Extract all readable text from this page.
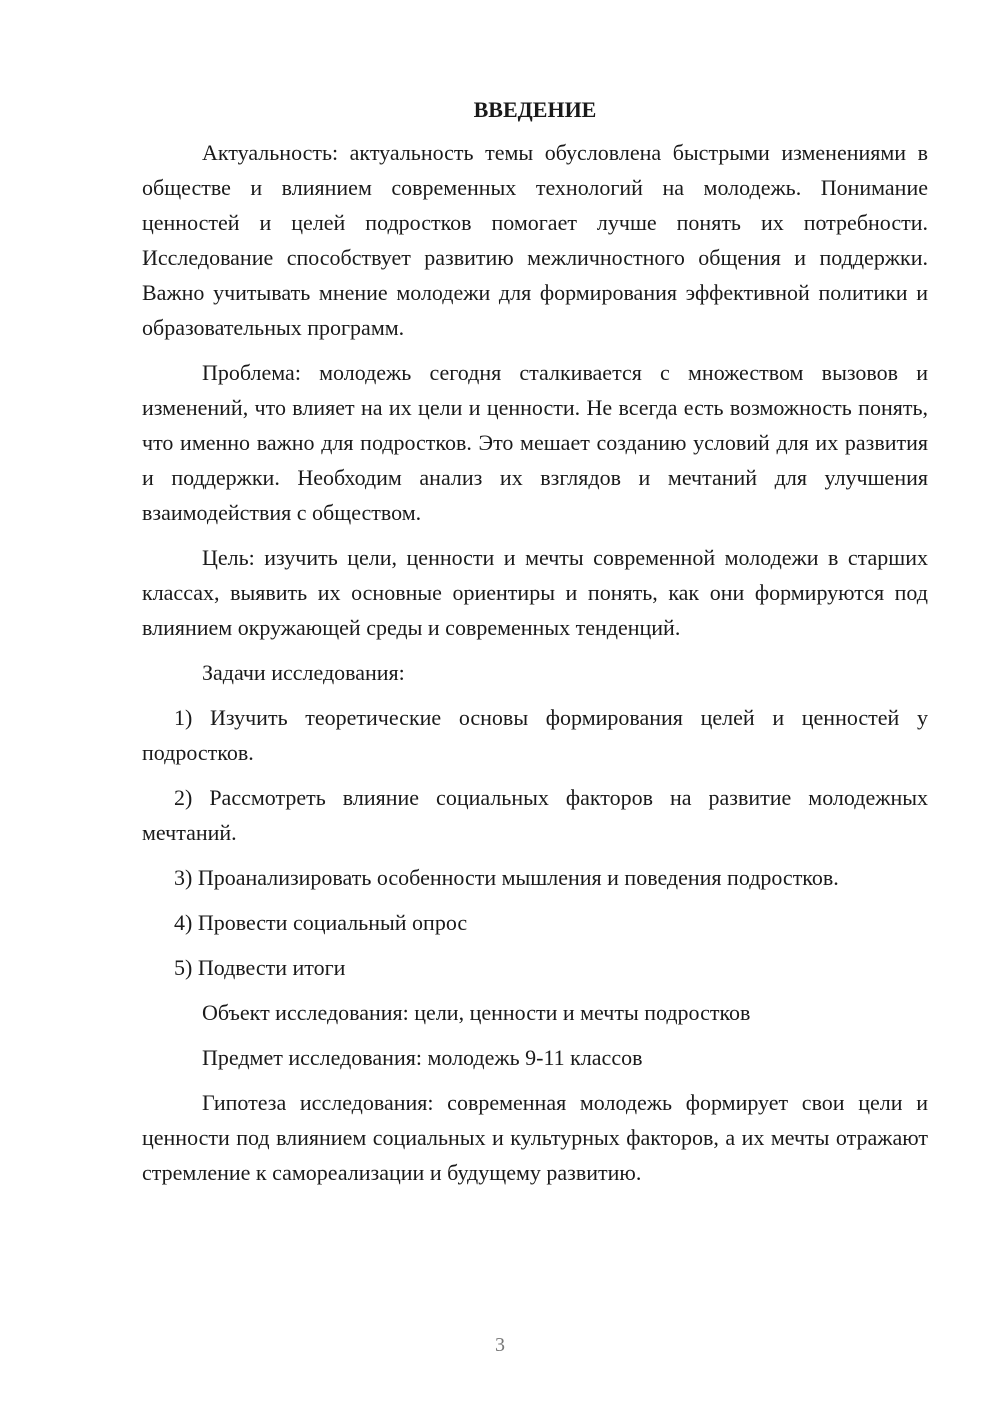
ВВЕДЕНИЕ

Актуальность: актуальность темы обусловлена быстрыми изменениями в обществе и влиянием современных технологий на молодежь. Понимание ценностей и целей подростков помогает лучше понять их потребности. Исследование способствует развитию межличностного общения и поддержки. Важно учитывать мнение молодежи для формирования эффективной политики и образовательных программ.

Проблема: молодежь сегодня сталкивается с множеством вызовов и изменений, что влияет на их цели и ценности. Не всегда есть возможность понять, что именно важно для подростков. Это мешает созданию условий для их развития и поддержки. Необходим анализ их взглядов и мечтаний для улучшения взаимодействия с обществом.

Цель: изучить цели, ценности и мечты современной молодежи в старших классах, выявить их основные ориентиры и понять, как они формируются под влиянием окружающей среды и современных тенденций.

Задачи исследования:

1) Изучить теоретические основы формирования целей и ценностей у подростков.

2) Рассмотреть влияние социальных факторов на развитие молодежных мечтаний.

3) Проанализировать особенности мышления и поведения подростков.

4) Провести социальный опрос

5) Подвести итоги

Объект исследования: цели, ценности и мечты подростков

Предмет исследования: молодежь 9-11 классов

Гипотеза исследования: современная молодежь формирует свои цели и ценности под влиянием социальных и культурных факторов, а их мечты отражают стремление к самореализации и будущему развитию.

3
